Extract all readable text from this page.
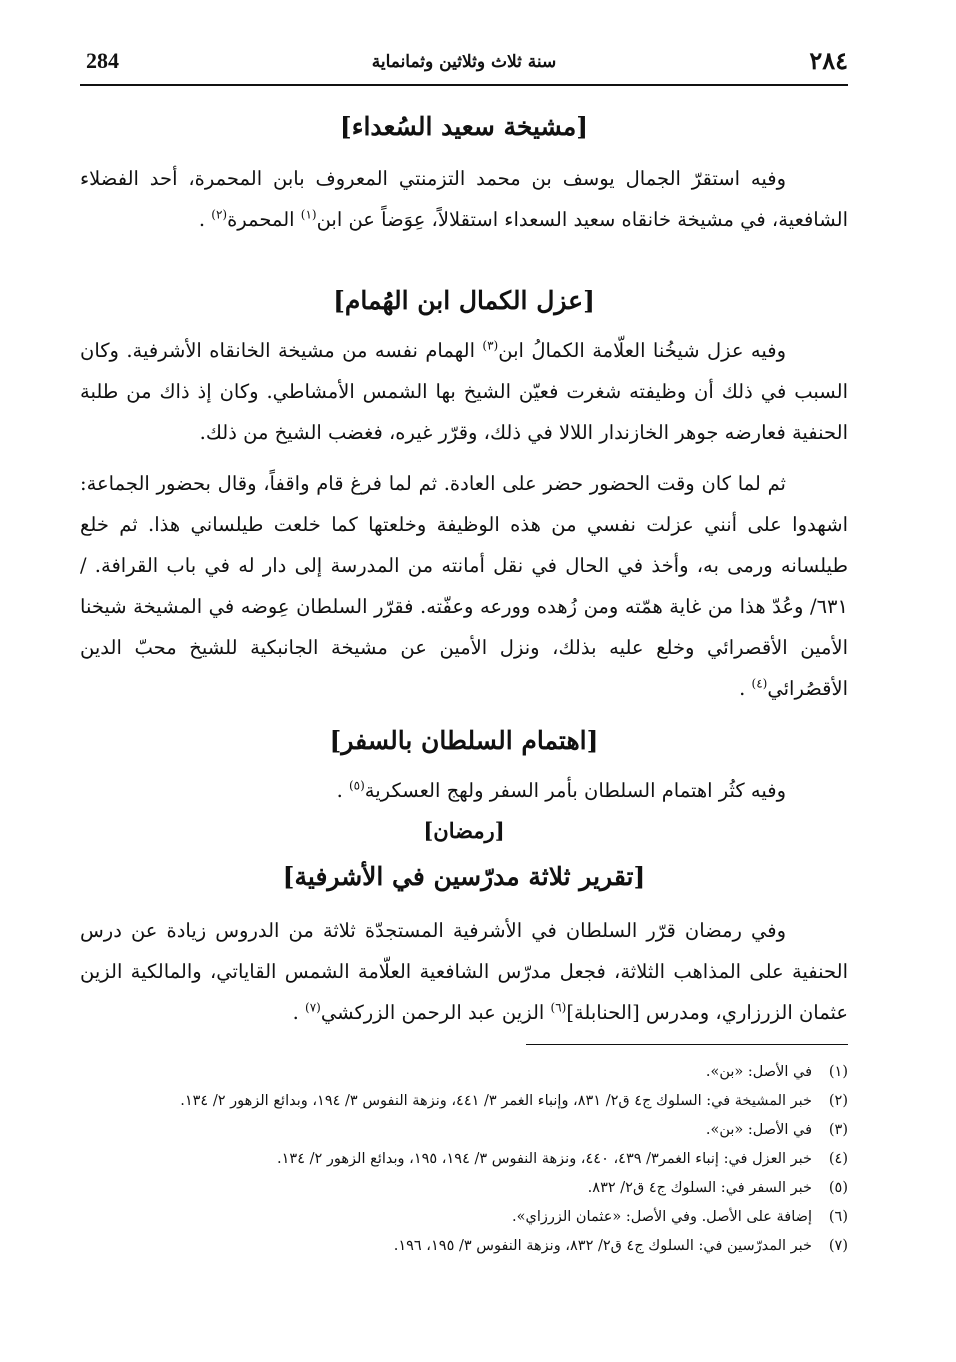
284	سنة ثلاث وثلاثين وثمانماية	٢٨٤
[مشيخة سعيد السُعداء]

وفيه استقرّ الجمال يوسف بن محمد التزمنتي المعروف بابن المحمرة، أحد الفضلاء الشافعية، في مشيخة خانقاه سعيد السعداء استقلالاً، عِوَضاً عن ابن$^{(١)}$ المحمرة$^{(٢)}$ .

[عزل الكمال ابن الهُمام]

وفيه عزل شيخُنا العلّامة الكمالُ ابن$^{(٣)}$ الهمام نفسه من مشيخة الخانقاه الأشرفية. وكان السبب في ذلك أن وظيفته شغرت فعيّن الشيخ بها الشمس الأمشاطي. وكان إذ ذاك من طلبة الحنفية فعارضه جوهر الخازندار اللالا في ذلك، وقرّر غيره، فغضب الشيخ من ذلك.

ثم لما كان وقت الحضور حضر على العادة. ثم لما فرغ قام واقفاً، وقال بحضور الجماعة: اشهدوا على أنني عزلت نفسي من هذه الوظيفة وخلعتها كما خلعت طيلساني هذا. ثم خلع طيلسانه ورمى به، وأخذ في الحال في نقل أمانته من المدرسة إلى دار له في باب القرافة. / ٦٣١/ وعُدّ هذا من غاية همّته ومن زُهده وورعه وعفّته. فقرّر السلطان عِوضه في المشيخة شيخنا الأمين الأقصرائي وخلع عليه بذلك، ونزل الأمين عن مشيخة الجانبكية للشيخ محبّ الدين الأقصُرائي$^{(٤)}$ .

[اهتمام السلطان بالسفر]

وفيه كثُر اهتمام السلطان بأمر السفر ولهج العسكرية$^{(٥)}$ .

[رمضان]
[تقرير ثلاثة مدرّسين في الأشرفية]

وفي رمضان قرّر السلطان في الأشرفية المستجدّة ثلاثة من الدروس زيادة عن درس الحنفية على المذاهب الثلاثة، فجعل مدرّس الشافعية العلّامة الشمس القاياتي، والمالكية الزين عثمان الزرزاري، ومدرس [الحنابلة]$^{(٦)}$ الزين عبد الرحمن الزركشي$^{(٧)}$ .

(١)
في الأصل: «بن».

(٢)
خبر المشيخة في: السلوك ج٤ ق٢/ ٨٣١، وإنباء الغمر ٣/ ٤٤١، ونزهة النفوس ٣/ ١٩٤، وبدائع الزهور ٢/ ١٣٤.

(٣)
في الأصل: «بن».

(٤)
خبر العزل في: إنباء الغمر٣/ ٤٣٩، ٤٤٠، ونزهة النفوس ٣/ ١٩٤، ١٩٥، وبدائع الزهور ٢/ ١٣٤.

(٥)
خبر السفر في: السلوك ج٤ ق٢/ ٨٣٢.

(٦)
إضافة على الأصل. وفي الأصل: «عثمان الزرزاي».

(٧)
خبر المدرّسين في: السلوك ج٤ ق٢/ ٨٣٢، ونزهة النفوس ٣/ ١٩٥، ١٩٦.
